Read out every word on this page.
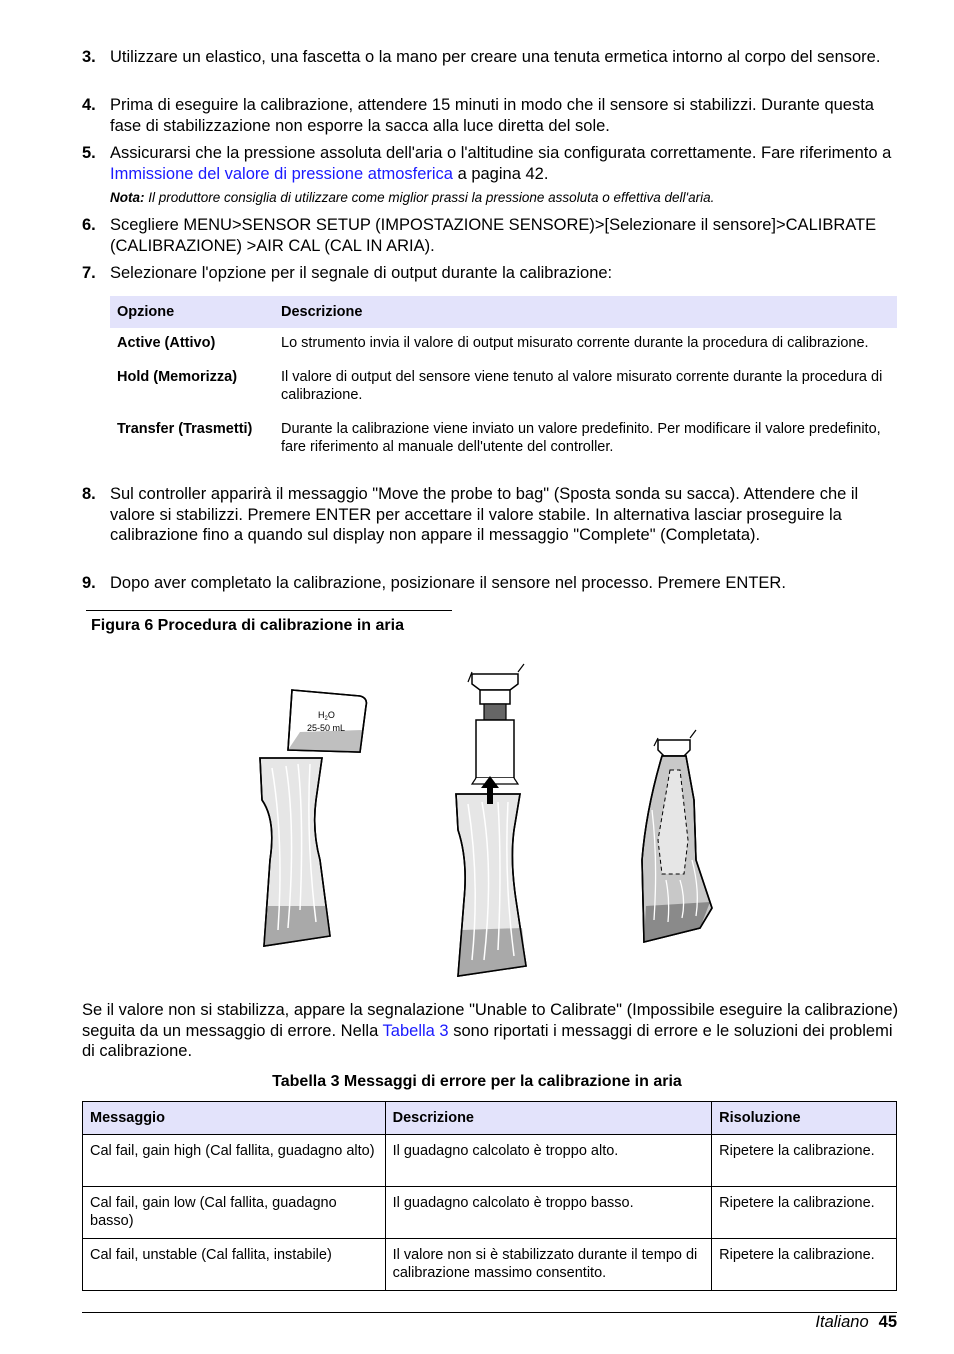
3. Utilizzare un elastico, una fascetta o la mano per creare una tenuta ermetica intorno al corpo del sensore.
4. Prima di eseguire la calibrazione, attendere 15 minuti in modo che il sensore si stabilizzi. Durante questa fase di stabilizzazione non esporre la sacca alla luce diretta del sole.
5. Assicurarsi che la pressione assoluta dell'aria o l'altitudine sia configurata correttamente. Fare riferimento a Immissione del valore di pressione atmosferica a pagina 42.
Nota: Il produttore consiglia di utilizzare come miglior prassi la pressione assoluta o effettiva dell'aria.
6. Scegliere MENU>SENSOR SETUP (IMPOSTAZIONE SENSORE)>[Selezionare il sensore]>CALIBRATE (CALIBRAZIONE) >AIR CAL (CAL IN ARIA).
7. Selezionare l'opzione per il segnale di output durante la calibrazione:
Opzione	Descrizione
Active (Attivo)	Lo strumento invia il valore di output misurato corrente durante la procedura di calibrazione.
Hold (Memorizza)	Il valore di output del sensore viene tenuto al valore misurato corrente durante la procedura di calibrazione.
Transfer (Trasmetti)	Durante la calibrazione viene inviato un valore predefinito. Per modificare il valore predefinito, fare riferimento al manuale dell'utente del controller.
8. Sul controller apparirà il messaggio "Move the probe to bag" (Sposta sonda su sacca). Attendere che il valore si stabilizzi. Premere ENTER per accettare il valore stabile. In alternativa lasciar proseguire la calibrazione fino a quando sul display non appare il messaggio "Complete" (Completata).
9. Dopo aver completato la calibrazione, posizionare il sensore nel processo. Premere ENTER.
Figura 6 Procedura di calibrazione in aria
$H_2O$
25-50 mL
Se il valore non si stabilizza, appare la segnalazione "Unable to Calibrate" (Impossibile eseguire la calibrazione) seguita da un messaggio di errore. Nella Tabella 3 sono riportati i messaggi di errore e le soluzioni dei problemi di calibrazione.
Tabella 3 Messaggi di errore per la calibrazione in aria
Messaggio	Descrizione	Risoluzione
Cal fail, gain high (Cal fallita, guadagno alto)	Il guadagno calcolato è troppo alto.	Ripetere la calibrazione.
Cal fail, gain low (Cal fallita, guadagno basso)	Il guadagno calcolato è troppo basso.	Ripetere la calibrazione.
Cal fail, unstable (Cal fallita, instabile)	Il valore non si è stabilizzato durante il tempo di calibrazione massimo consentito.	Ripetere la calibrazione.
Italiano 45
